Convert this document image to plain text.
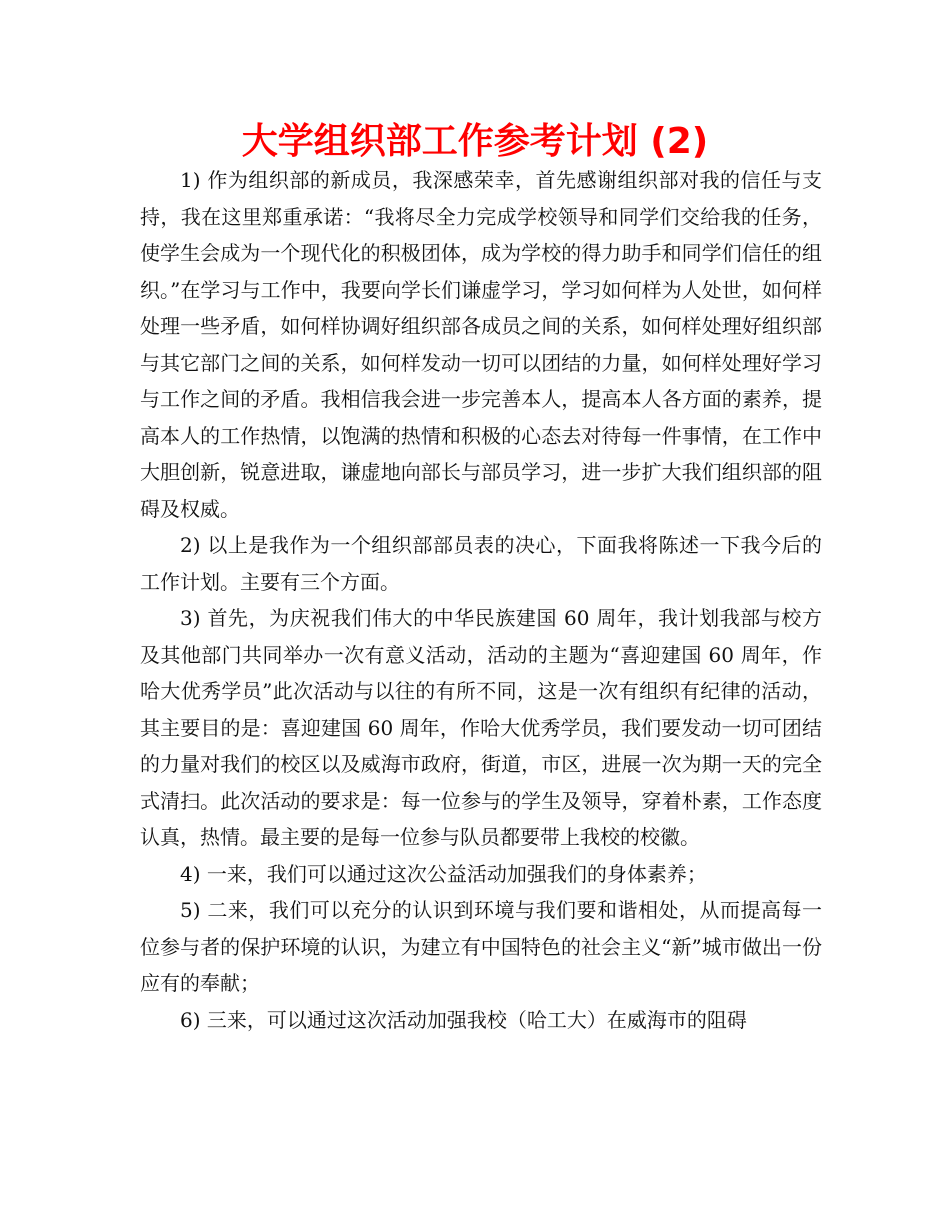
大学组织部工作参考计划 (2)

1) 作为组织部的新成员，我深感荣幸，首先感谢组织部对我的信任与支持，我在这里郑重承诺：“我将尽全力完成学校领导和同学们交给我的任务，使学生会成为一个现代化的积极团体，成为学校的得力助手和同学们信任的组织。”在学习与工作中，我要向学长们谦虚学习，学习如何样为人处世，如何样处理一些矛盾，如何样协调好组织部各成员之间的关系，如何样处理好组织部与其它部门之间的关系，如何样发动一切可以团结的力量，如何样处理好学习与工作之间的矛盾。我相信我会进一步完善本人，提高本人各方面的素养，提高本人的工作热情，以饱满的热情和积极的心态去对待每一件事情，在工作中大胆创新，锐意进取，谦虚地向部长与部员学习，进一步扩大我们组织部的阻碍及权威。

2) 以上是我作为一个组织部部员表的决心，下面我将陈述一下我今后的工作计划。主要有三个方面。

3) 首先，为庆祝我们伟大的中华民族建国 60 周年，我计划我部与校方及其他部门共同举办一次有意义活动，活动的主题为“喜迎建国 60 周年，作哈大优秀学员”此次活动与以往的有所不同，这是一次有组织有纪律的活动，其主要目的是：喜迎建国 60 周年，作哈大优秀学员，我们要发动一切可团结的力量对我们的校区以及威海市政府，街道，市区，进展一次为期一天的完全式清扫。此次活动的要求是：每一位参与的学生及领导，穿着朴素，工作态度认真，热情。最主要的是每一位参与队员都要带上我校的校徽。

4) 一来，我们可以通过这次公益活动加强我们的身体素养；

5) 二来，我们可以充分的认识到环境与我们要和谐相处，从而提高每一位参与者的保护环境的认识，为建立有中国特色的社会主义“新”城市做出一份应有的奉献；

6) 三来，可以通过这次活动加强我校（哈工大）在威海市的阻碍
